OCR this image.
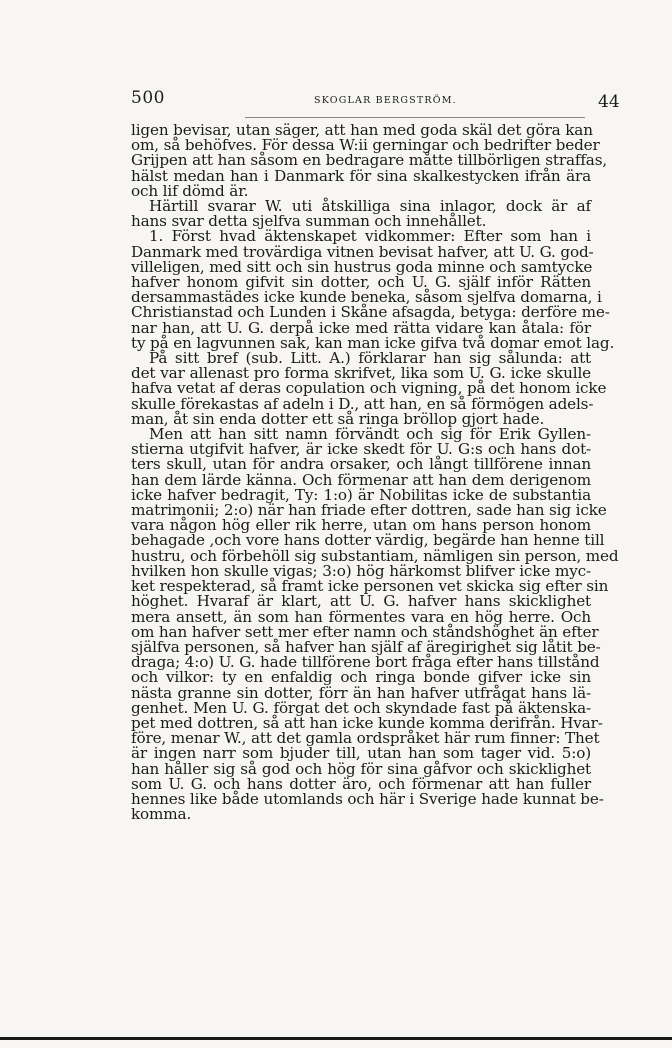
500	SKOGLAR BERGSTRÖM.	44
ligen bevisar, utan säger, att han med goda skäl det göra kan
om, så behöfves. För dessa W:ii gerningar och bedrifter beder
Grijpen att han såsom en bedragare måtte tillbörligen straffas,
hälst medan han i Danmark för sina skalkestycken ifrån ära
och lif dömd är.
Härtill svarar W. uti åtskilliga sina inlagor, dock är af
hans svar detta sjelfva summan och innehållet.
1. Först hvad äktenskapet vidkommer: Efter som han i
Danmark med trovärdiga vitnen bevisat hafver, att U. G. god-
villeligen, med sitt och sin hustrus goda minne och samtycke
hafver honom gifvit sin dotter, och U. G. själf inför Rätten
dersammastädes icke kunde beneka, såsom sjelfva domarna, i
Christianstad och Lunden i Skåne afsagda, betyga: derföre me-
nar han, att U. G. derpå icke med rätta vidare kan åtala: för
ty på en lagvunnen sak, kan man icke gifva två domar emot lag.
På sitt bref (sub. Litt. A.) förklarar han sig sålunda: att
det var allenast pro forma skrifvet, lika som U. G. icke skulle
hafva vetat af deras copulation och vigning, på det honom icke
skulle förekastas af adeln i D., att han, en så förmögen adels-
man, åt sin enda dotter ett så ringa bröllop gjort hade.
Men att han sitt namn förvändt och sig för Erik Gyllen-
stierna utgifvit hafver, är icke skedt för U. G:s och hans dot-
ters skull, utan för andra orsaker, och långt tillförene innan
han dem lärde känna. Och förmenar att han dem derigenom
icke hafver bedragit, Ty: 1:o) är Nobilitas icke de substantia
matrimonii; 2:o) när han friade efter dottren, sade han sig icke
vara någon hög eller rik herre, utan om hans person honom
behagade ,och vore hans dotter värdig, begärde han henne till
hustru, och förbehöll sig substantiam, nämligen sin person, med
hvilken hon skulle vigas; 3:o) hög härkomst blifver icke myc-
ket respekterad, så framt icke personen vet skicka sig efter sin
höghet. Hvaraf är klart, att U. G. hafver hans skicklighet
mera ansett, än som han förmentes vara en hög herre. Och
om han hafver sett mer efter namn och ståndshöghet än efter
själfva personen, så hafver han själf af äregirighet sig låtit be-
draga; 4:o) U. G. hade tillförene bort fråga efter hans tillstånd
och vilkor: ty en enfaldig och ringa bonde gifver icke sin
nästa granne sin dotter, förr än han hafver utfrågat hans lä-
genhet. Men U. G. förgat det och skyndade fast på äktenska-
pet med dottren, så att han icke kunde komma derifrån. Hvar-
före, menar W., att det gamla ordspråket här rum finner: Thet
är ingen narr som bjuder till, utan han som tager vid. 5:o)
han håller sig så god och hög för sina gåfvor och skicklighet
som U. G. och hans dotter äro, och förmenar att han fuller
hennes like både utomlands och här i Sverige hade kunnat be-
komma.
